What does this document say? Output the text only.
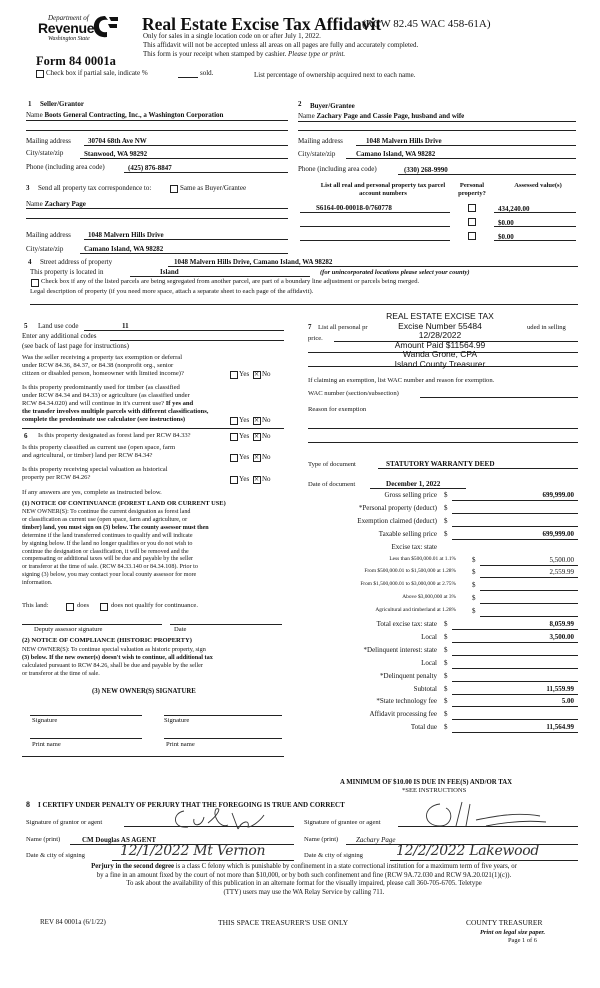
Department of
Revenue
Washington State
Form 84 0001a
Real Estate Excise Tax Affidavit
(RCW 82.45 WAC 458-61A)
Only for sales in a single location code on or after July 1, 2022.
This affidavit will not be accepted unless all areas on all pages are fully and accurately completed.
This form is your receipt when stamped by cashier. Please type or print.
Check box if partial sale, indicate %	sold.	List percentage of ownership acquired next to each name.
1 Seller/Grantor
Name Boots General Contracting, Inc., a Washington Corporation
Mailing address 30704 68th Ave NW
City/state/zip	Stanwood, WA 98292
Phone (including area code)	(425) 876-8847
2 Buyer/Grantee
Name Zachary Page and Cassie Page, husband and wife
Mailing address	1048 Malvern Hills Drive
City/state/zip	Camano Island, WA 98282
Phone (including area code)	(330) 268-9990
3 Send all property tax correspondence to:	Same as Buyer/Grantee
Name Zachary Page
Mailing address 1048 Malvern Hills Drive
City/state/zip	Camano Island, WA 98282
List all real and personal property tax parcel account numbers
Personal property?
Assessed value(s)
S6164-00-00018-0/760778	434,240.00
$0.00
$0.00
4 Street address of property	1048 Malvern Hills Drive, Camano Island, WA 98282
This property is located in	Island	(for unincorporated locations please select your county)
Check box if any of the listed parcels are being segregated from another parcel, are part of a boundary line adjustment or parcels being merged.
Legal description of property (if you need more space, attach a separate sheet to each page of the affidavit).
5 Land use code	11
Enter any additional codes
(see back of last page for instructions)
Was the seller receiving a property tax exemption or deferral
under RCW 84.36, 84.37, or 84.38 (nonprofit org., senior
citizen or disabled person, homeowner with limited income)?	Yes × No
Is this property predominantly used for timber (as classified
under RCW 84.34 and 84.33) or agriculture (as classified under
RCW 84.34.020) and will continue in it's current use? If yes and
the transfer involves multiple parcels with different classifications,
complete the predominate use calculator (see instructions)	Yes × No
6 Is this property designated as forest land per RCW 84.33?	Yes × No
Is this property classified as current use (open space, farm
and agricultural, or timber) land per RCW 84.34?	Yes × No
Is this property receiving special valuation as historical
property per RCW 84.26?	Yes × No
If any answers are yes, complete as instructed below.
(1) NOTICE OF CONTINUANCE (FOREST LAND OR CURRENT USE)
NEW OWNER(S): To continue the current designation as forest land
or classification as current use (open space, farm and agriculture, or
timber) land, you must sign on (3) below. The county assessor must then
determine if the land transferred continues to qualify and will indicate
by signing below. If the land no longer qualifies or you do not wish to
continue the designation or classification, it will be removed and the
compensating or additional taxes will be due and payable by the seller
or transferor at the time of sale. (RCW 84.33.140 or 84.34.108). Prior to
signing (3) below, you may contact your local county assessor for more
information.
This land:	does	does not qualify for continuance.
Deputy assessor signature	Date
(2) NOTICE OF COMPLIANCE (HISTORIC PROPERTY)
NEW OWNER(S): To continue special valuation as historic property, sign
(3) below. If the new owner(s) doesn't wish to continue, all additional tax
calculated pursuant to RCW 84.26, shall be due and payable by the seller
or transferor at the time of sale.
(3) NEW OWNER(S) SIGNATURE
Signature	Signature
Print name	Print name
7 List all personal pr	uded in selling
price.
REAL ESTATE EXCISE TAX
Excise Number 55484
12/28/2022
Amount Paid $11564.99
Wanda Grone, CPA
Island County Treasurer
If claiming an exemption, list WAC number and reason for exemption.
WAC number (section/subsection)
Reason for exemption
Type of document	STATUTORY WARRANTY DEED
Date of document	December 1, 2022
Gross selling price $	699,999.00
*Personal property (deduct) $
Exemption claimed (deduct) $
Taxable selling price $	699,999.00
Excise tax: state
Less than $500,000.01 at 1.1% $	5,500.00
From $500,000.01 to $1,500,000 at 1.28% $	2,559.99
From $1,500,000.01 to $3,000,000 at 2.75% $
Above $3,000,000 at 3% $
Agricultural and timberland at 1.28% $
Total excise tax: state $	8,059.99
Local $	3,500.00
*Delinquent interest: state $
Local $
*Delinquent penalty $
Subtotal $	11,559.99
*State technology fee $	5.00
Affidavit processing fee $
Total due $	11,564.99
A MINIMUM OF $10.00 IS DUE IN FEE(S) AND/OR TAX
*SEE INSTRUCTIONS
8 I CERTIFY UNDER PENALTY OF PERJURY THAT THE FOREGOING IS TRUE AND CORRECT
Signature of grantor or agent	Signature of grantee or agent
Name (print)	CM Douglas AS AGENT	Name (print)	Zachary Page
Date & city of signing	12/1/2022 Mt Vernon	Date & city of signing 12/2/2022 Lakewood
Perjury in the second degree is a class C felony which is punishable by confinement in a state correctional institution for a maximum term of five years, or
by a fine in an amount fixed by the court of not more than $10,000, or by both such confinement and fine (RCW 9A.72.030 and RCW 9A.20.021(1)(c)).
To ask about the availability of this publication in an alternate format for the visually impaired, please call 360-705-6705. Teletype
(TTY) users may use the WA Relay Service by calling 711.
REV 84 0001a (6/1/22)	THIS SPACE TREASURER'S USE ONLY	COUNTY TREASURER
Print on legal size paper.
Page 1 of 6
